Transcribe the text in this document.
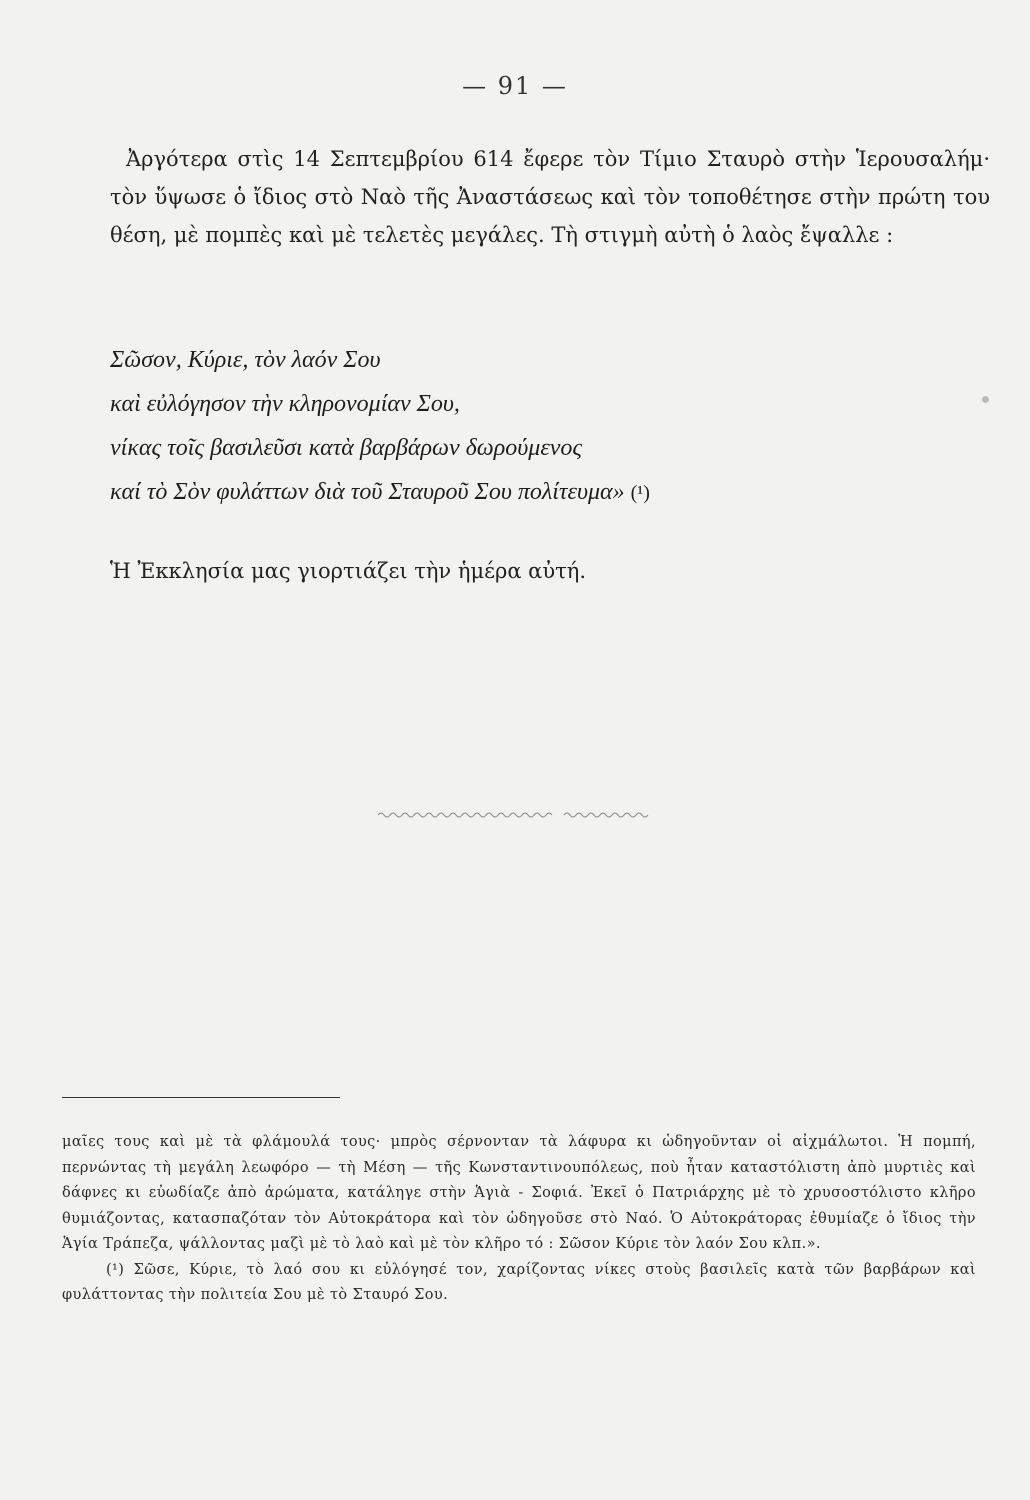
— 91 —
Ἀργότερα στὶς 14 Σεπτεμβρίου 614 ἔφερε τὸν Τίμιο Σταυρὸ στὴν Ἱερουσαλήμ· τὸν ὕψωσε ὁ ἴδιος στὸ Ναὸ τῆς Ἀναστάσεως καὶ τὸν τοποθέτησε στὴν πρώτη του θέση, μὲ πομπὲς καὶ μὲ τελετὲς μεγάλες. Τὴ στιγμὴ αὐτὴ ὁ λαὸς ἔψαλλε :
Σῶσον, Κύριε, τὸν λαόν Σου
καὶ εὐλόγησον τὴν κληρονομίαν Σου,
νίκας τοῖς βασιλεῦσι κατὰ βαρβάρων δωρούμενος
καί τὸ Σὸν φυλάττων διὰ τοῦ Σταυροῦ Σου πολίτευμα» (¹)
Ἡ Ἐκκλησία μας γιορτιάζει τὴν ἡμέρα αὐτή.

μαῖες τους καὶ μὲ τὰ φλάμουλά τους· μπρὸς σέρνονταν τὰ λάφυρα κι ὡδηγοῦνταν οἱ αἰχμάλωτοι. Ἡ πομπή, περνώντας τὴ μεγάλη λεωφόρο — τὴ Μέση — τῆς Κωνσταντινουπόλεως, ποὺ ἦταν καταστόλιστη ἀπὸ μυρτιὲς καὶ δάφνες κι εὐωδίαζε ἀπὸ ἀρώματα, κατάληγε στὴν Ἁγιὰ - Σοφιά. Ἐκεῖ ὁ Πατριάρχης μὲ τὸ χρυσοστόλιστο κλῆρο θυμιάζοντας, κατασπαζόταν τὸν Αὐτοκράτορα καὶ τὸν ὡδηγοῦσε στὸ Ναό. Ὁ Αὐτοκράτορας ἐθυμίαζε ὁ ἴδιος τὴν Ἁγία Τράπεζα, ψάλλοντας μαζὶ μὲ τὸ λαὸ καὶ μὲ τὸν κλῆρο τό : Σῶσον Κύριε τὸν λαόν Σου κλπ.».

(¹) Σῶσε, Κύριε, τὸ λαό σου κι εὐλόγησέ τον, χαρίζοντας νίκες στοὺς βασιλεῖς κατὰ τῶν βαρβάρων καὶ φυλάττοντας τὴν πολιτεία Σου μὲ τὸ Σταυρό Σου.
